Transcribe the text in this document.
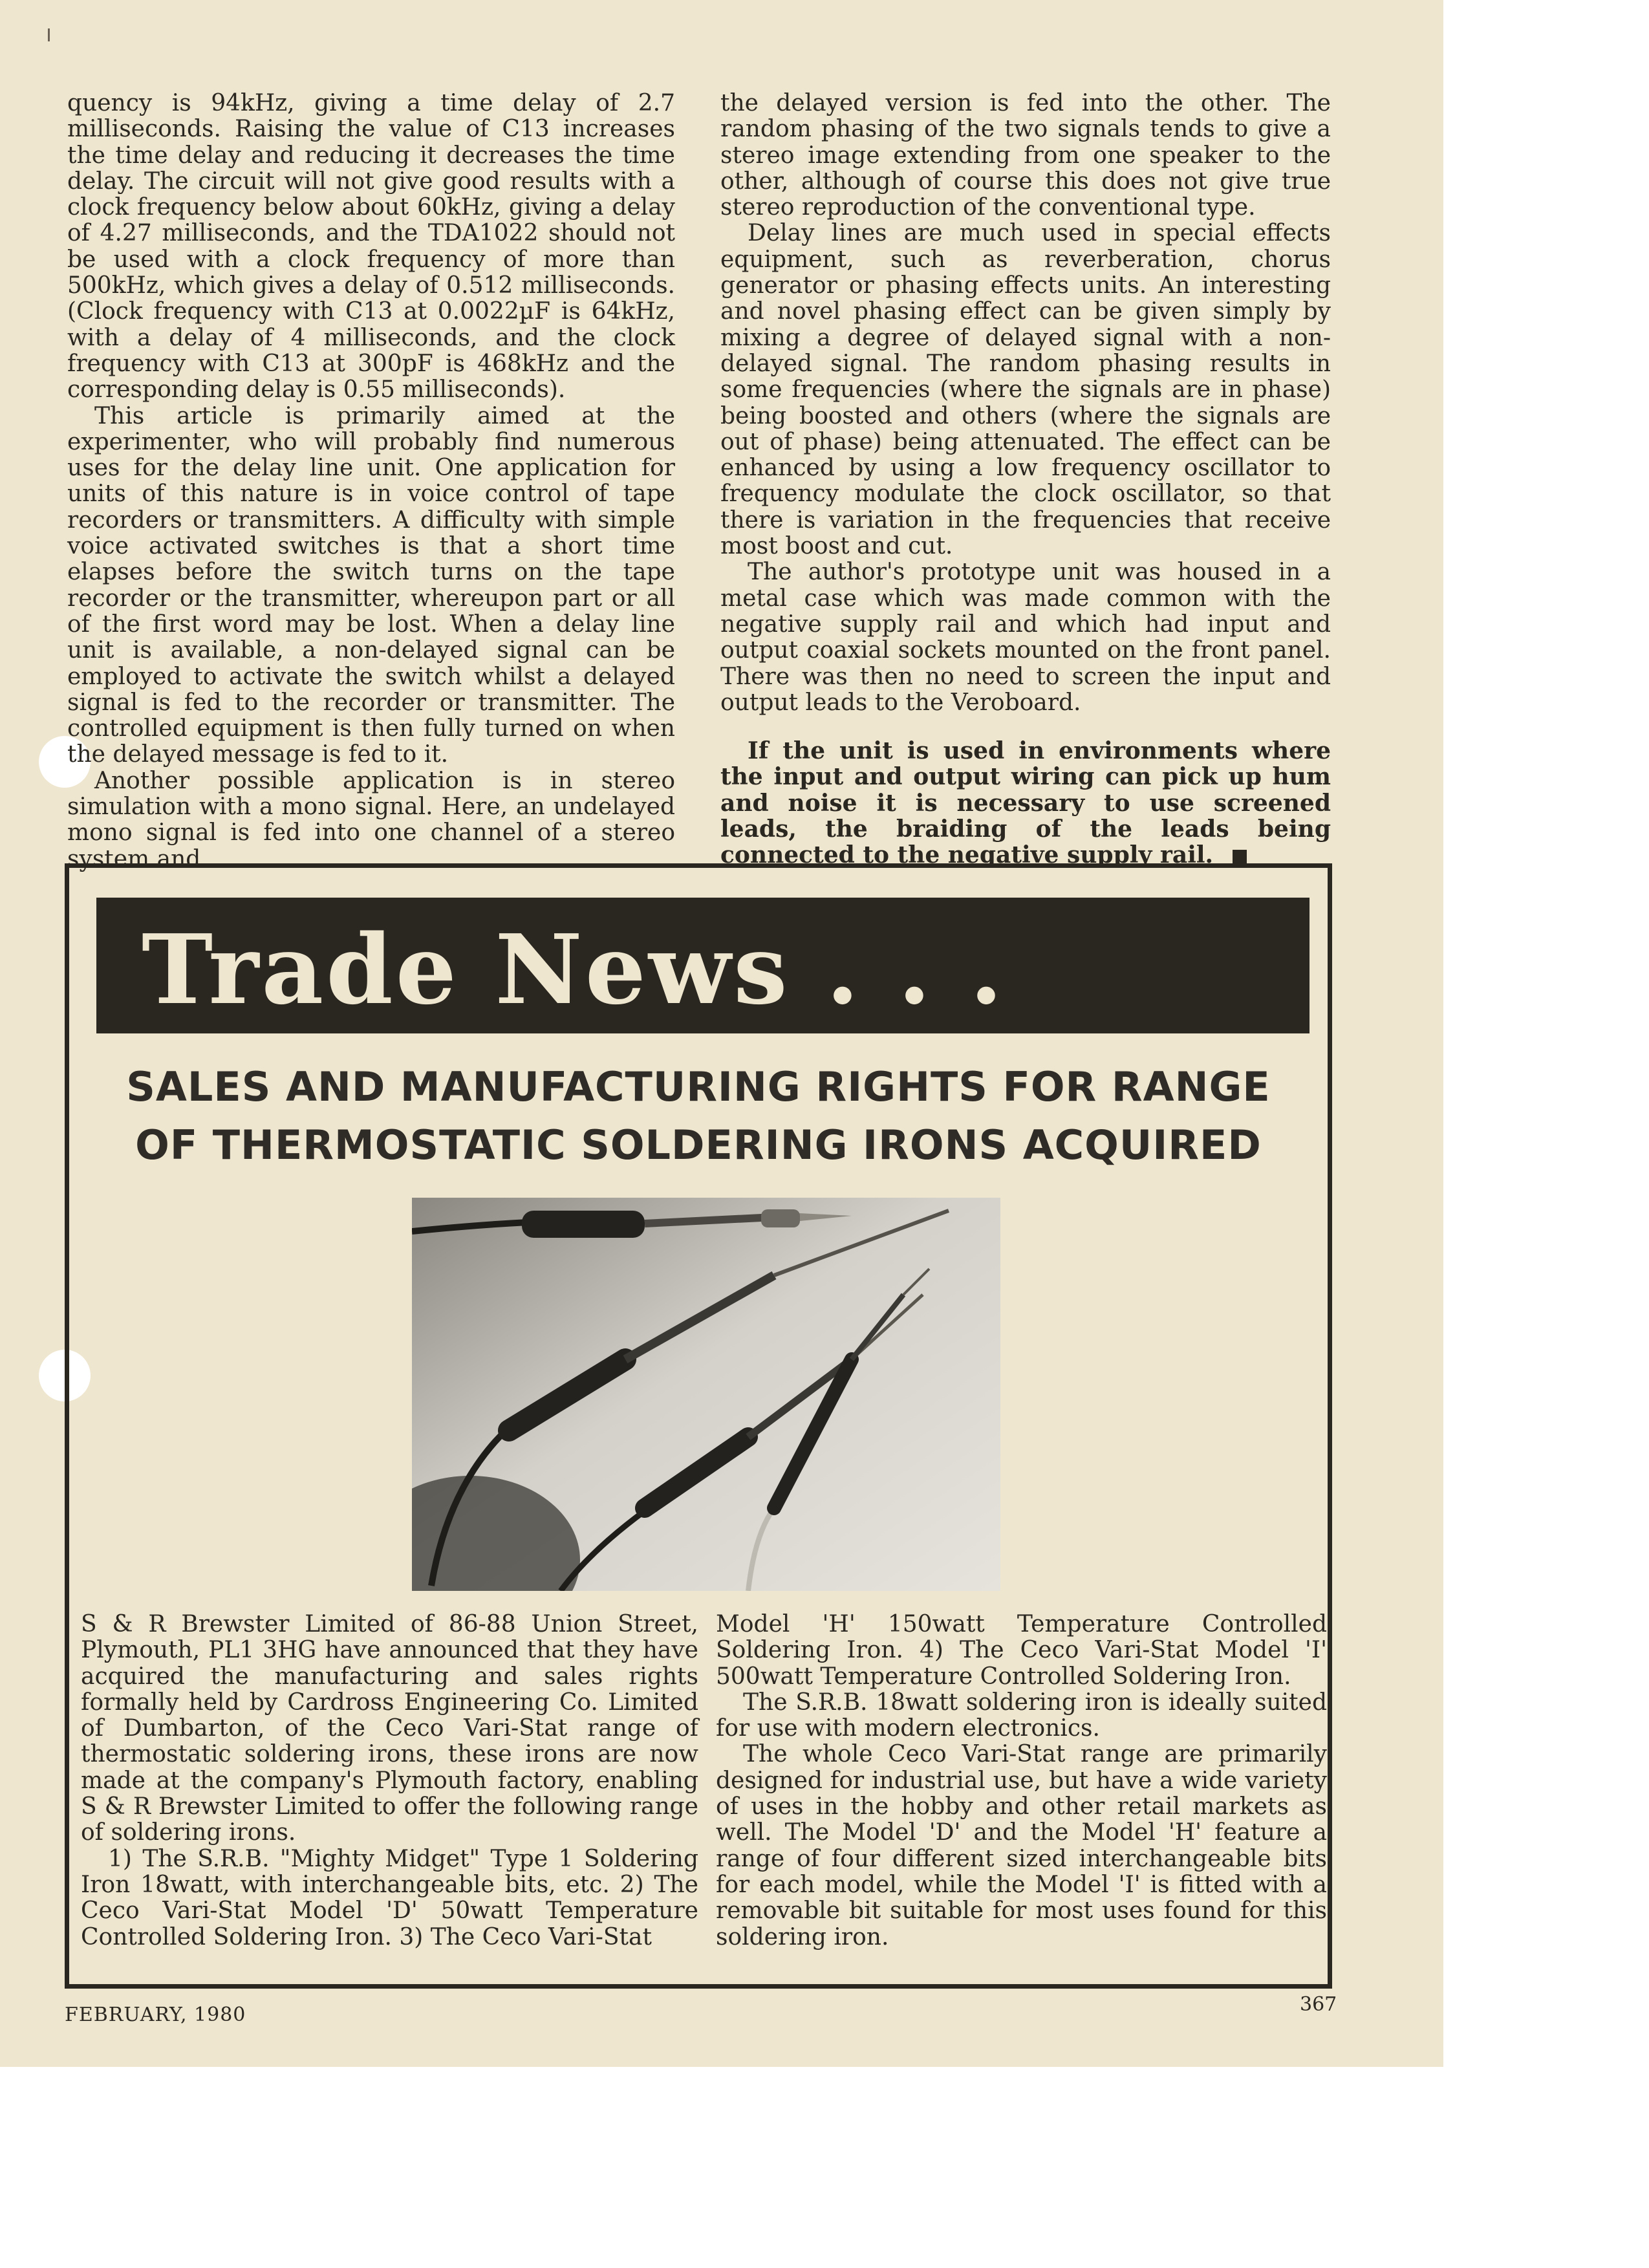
quency is 94kHz, giving a time delay of 2.7 milliseconds. Raising the value of C13 increases the time delay and reducing it decreases the time delay. The circuit will not give good results with a clock frequency below about 60kHz, giving a delay of 4.27 milliseconds, and the TDA1022 should not be used with a clock frequency of more than 500kHz, which gives a delay of 0.512 milliseconds. (Clock frequency with C13 at 0.0022µF is 64kHz, with a delay of 4 milliseconds, and the clock frequency with C13 at 300pF is 468kHz and the corresponding delay is 0.55 milliseconds).

This article is primarily aimed at the experimenter, who will probably find numerous uses for the delay line unit. One application for units of this nature is in voice control of tape recorders or transmitters. A difficulty with simple voice activated switches is that a short time elapses before the switch turns on the tape recorder or the transmitter, whereupon part or all of the first word may be lost. When a delay line unit is available, a non-delayed signal can be employed to activate the switch whilst a delayed signal is fed to the recorder or transmitter. The controlled equipment is then fully turned on when the delayed message is fed to it.

Another possible application is in stereo simulation with a mono signal. Here, an undelayed mono signal is fed into one channel of a stereo system and

the delayed version is fed into the other. The random phasing of the two signals tends to give a stereo image extending from one speaker to the other, although of course this does not give true stereo reproduction of the conventional type.

Delay lines are much used in special effects equipment, such as reverberation, chorus generator or phasing effects units. An interesting and novel phasing effect can be given simply by mixing a degree of delayed signal with a non-delayed signal. The random phasing results in some frequencies (where the signals are in phase) being boosted and others (where the signals are out of phase) being attenuated. The effect can be enhanced by using a low frequency oscillator to frequency modulate the clock oscillator, so that there is variation in the frequencies that receive most boost and cut.

The author's prototype unit was housed in a metal case which was made common with the negative supply rail and which had input and output coaxial sockets mounted on the front panel. There was then no need to screen the input and output leads to the Veroboard.

If the unit is used in environments where the input and output wiring can pick up hum and noise it is necessary to use screened leads, the braiding of the leads being connected to the negative supply rail.

Trade News . . .
SALES AND MANUFACTURING RIGHTS FOR RANGE
OF THERMOSTATIC SOLDERING IRONS ACQUIRED

S & R Brewster Limited of 86-88 Union Street, Plymouth, PL1 3HG have announced that they have acquired the manufacturing and sales rights formally held by Cardross Engineering Co. Limited of Dumbarton, of the Ceco Vari-Stat range of thermostatic soldering irons, these irons are now made at the company's Plymouth factory, enabling S & R Brewster Limited to offer the following range of soldering irons.

1) The S.R.B. "Mighty Midget" Type 1 Soldering Iron 18watt, with interchangeable bits, etc. 2) The Ceco Vari-Stat Model 'D' 50watt Temperature Controlled Soldering Iron. 3) The Ceco Vari-Stat

Model 'H' 150watt Temperature Controlled Soldering Iron. 4) The Ceco Vari-Stat Model 'I' 500watt Temperature Controlled Soldering Iron.

The S.R.B. 18watt soldering iron is ideally suited for use with modern electronics.

The whole Ceco Vari-Stat range are primarily designed for industrial use, but have a wide variety of uses in the hobby and other retail markets as well. The Model 'D' and the Model 'H' feature a range of four different sized interchangeable bits for each model, while the Model 'I' is fitted with a removable bit suitable for most uses found for this soldering iron.

FEBRUARY, 1980	367
